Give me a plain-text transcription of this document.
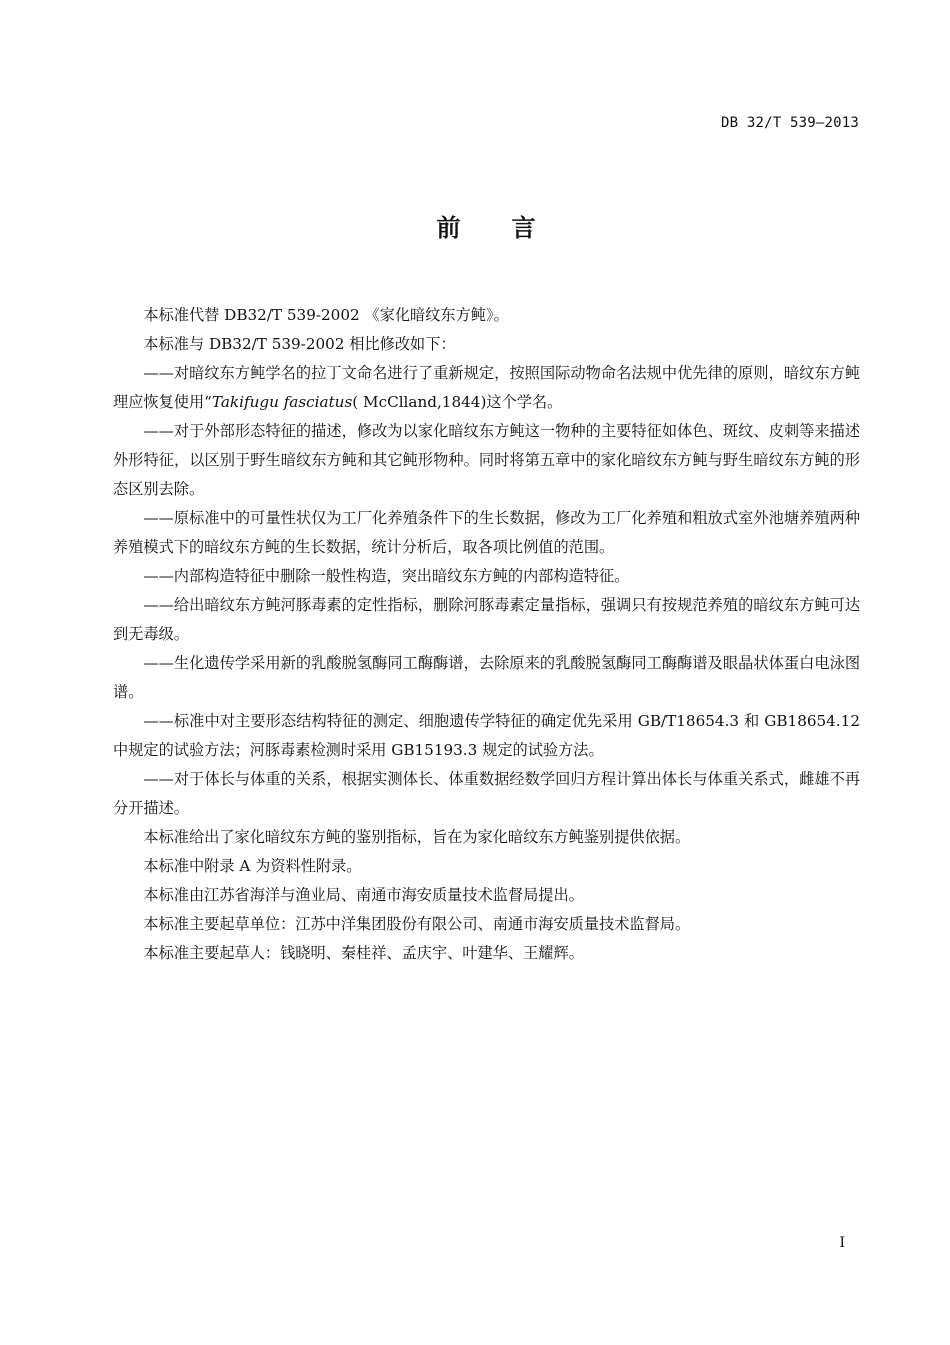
DB 32/T 539—2013
前 言

本标准代替 DB32/T 539-2002 《家化暗纹东方鲀》。

本标准与 DB32/T 539-2002 相比修改如下：

——对暗纹东方鲀学名的拉丁文命名进行了重新规定，按照国际动物命名法规中优先律的原则，暗纹东方鲀理应恢复使用“Takifugu fasciatus( McClland,1844)这个学名。

——对于外部形态特征的描述，修改为以家化暗纹东方鲀这一物种的主要特征如体色、斑纹、皮刺等来描述外形特征，以区别于野生暗纹东方鲀和其它鲀形物种。同时将第五章中的家化暗纹东方鲀与野生暗纹东方鲀的形态区别去除。

——原标准中的可量性状仅为工厂化养殖条件下的生长数据，修改为工厂化养殖和粗放式室外池塘养殖两种养殖模式下的暗纹东方鲀的生长数据，统计分析后，取各项比例值的范围。

——内部构造特征中删除一般性构造，突出暗纹东方鲀的内部构造特征。

——给出暗纹东方鲀河豚毒素的定性指标，删除河豚毒素定量指标，强调只有按规范养殖的暗纹东方鲀可达到无毒级。

——生化遗传学采用新的乳酸脱氢酶同工酶酶谱，去除原来的乳酸脱氢酶同工酶酶谱及眼晶状体蛋白电泳图谱。

——标准中对主要形态结构特征的测定、细胞遗传学特征的确定优先采用 GB/T18654.3 和 GB18654.12 中规定的试验方法；河豚毒素检测时采用 GB15193.3 规定的试验方法。

——对于体长与体重的关系，根据实测体长、体重数据经数学回归方程计算出体长与体重关系式，雌雄不再分开描述。

本标准给出了家化暗纹东方鲀的鉴别指标，旨在为家化暗纹东方鲀鉴别提供依据。

本标准中附录 A 为资料性附录。

本标准由江苏省海洋与渔业局、南通市海安质量技术监督局提出。

本标准主要起草单位：江苏中洋集团股份有限公司、南通市海安质量技术监督局。

本标准主要起草人：钱晓明、秦桂祥、孟庆宇、叶建华、王耀辉。

I
